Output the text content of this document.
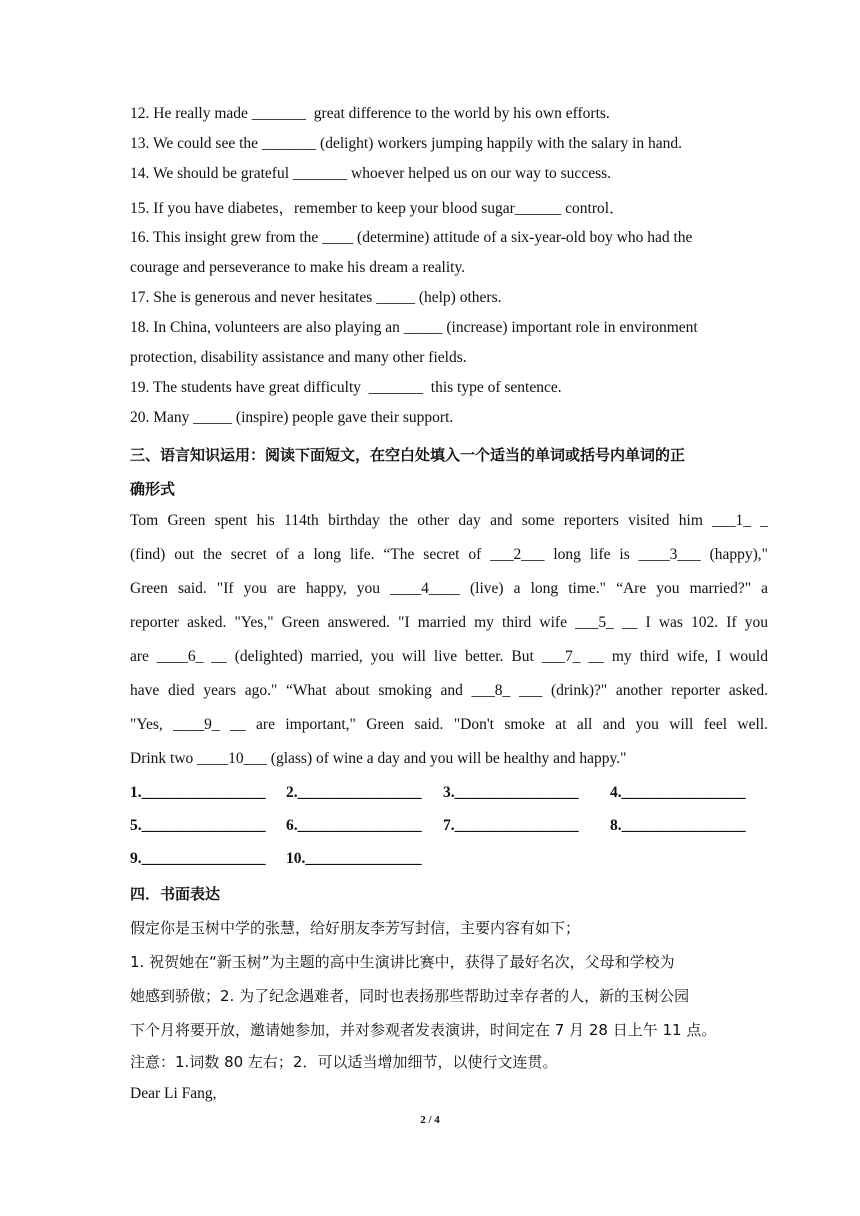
12. He really made _______  great difference to the world by his own efforts.
13. We could see the _______ (delight) workers jumping happily with the salary in hand.
14. We should be grateful _______ whoever helped us on our way to success.
15. If you have diabetes，remember to keep your blood sugar______ control．
16. This insight grew from the ____ (determine) attitude of a six-year-old boy who had the
courage and perseverance to make his dream a reality.
17. She is generous and never hesitates _____ (help) others.
18. In China, volunteers are also playing an _____ (increase) important role in environment
protection, disability assistance and many other fields.
19. The students have great difficulty  _______  this type of sentence.
20. Many _____ (inspire) people gave their support.
三、语言知识运用：阅读下面短文，在空白处填入一个适当的单词或括号内单词的正
确形式
Tom Green spent his 114th birthday the other day and some reporters visited him ___1_ _
(find) out the secret of a long life. “The secret of ___2___ long life is ____3___ (happy),"
Green said. "If you are happy, you ____4____ (live) a long time." “Are you married?" a
reporter asked. "Yes," Green answered. "I married my third wife ___5_ __ I was 102. If you
are ____6_ __ (delighted) married, you will live better. But ___7_ __ my third wife, I would
have died years ago." “What about smoking and ___8_ ___ (drink)?" another reporter asked.
"Yes, ____9_ __ are important," Green said. "Don't smoke at all and you will feel well.
Drink two ____10___ (glass) of wine a day and you will be healthy and happy."
1.________________ 2.________________ 3.________________ 4.________________
5.________________ 6.________________ 7.________________ 8.________________
9.________________ 10._______________
四．书面表达
假定你是玉树中学的张慧，给好朋友李芳写封信，主要内容有如下；
1. 祝贺她在“新玉树”为主题的高中生演讲比赛中，获得了最好名次，父母和学校为
她感到骄傲；2. 为了纪念遇难者，同时也表扬那些帮助过幸存者的人，新的玉树公园
下个月将要开放，邀请她参加，并对参观者发表演讲，时间定在 7 月 28 日上午 11 点。
注意：1.词数 80 左右；2．可以适当增加细节，以使行文连贯。
Dear Li Fang,
2 / 4
